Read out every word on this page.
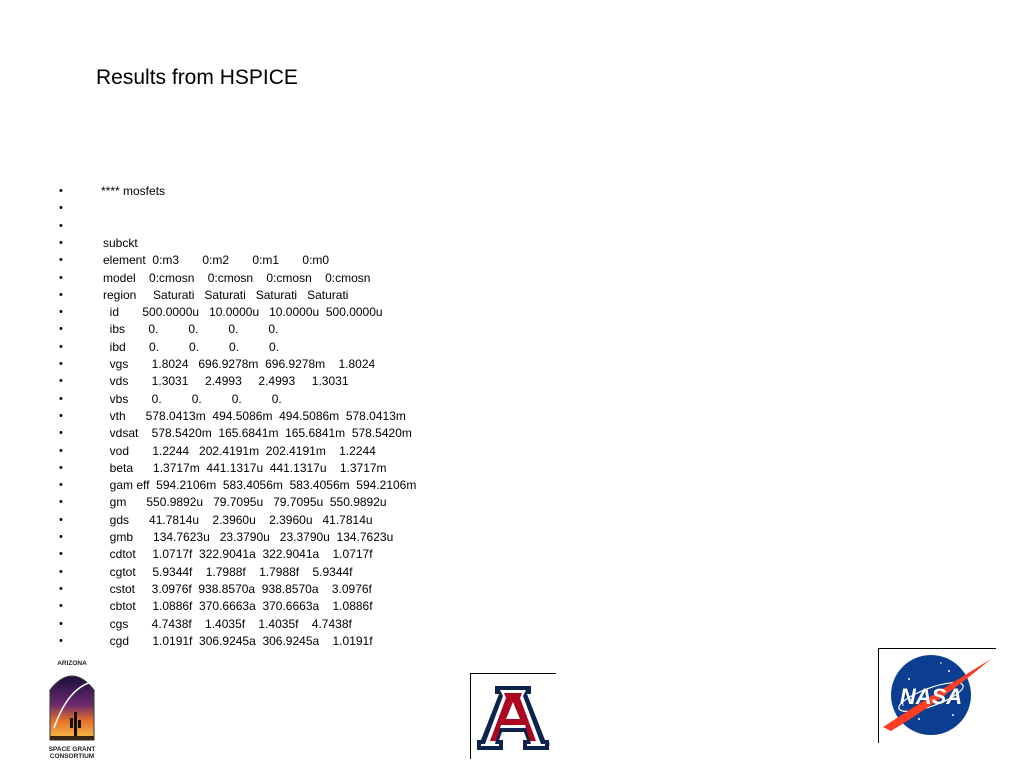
Results from HSPICE
•	**** mosfets
•
•
•	subckt
•	element  0:m3       0:m2       0:m1       0:m0
•	model    0:cmosn    0:cmosn    0:cmosn    0:cmosn
•	region     Saturati   Saturati   Saturati   Saturati
•	id       500.0000u   10.0000u   10.0000u  500.0000u
•	ibs       0.         0.         0.         0.
•	ibd       0.         0.         0.         0.
•	vgs       1.8024   696.9278m  696.9278m    1.8024
•	vds       1.3031     2.4993     2.4993     1.3031
•	vbs       0.         0.         0.         0.
•	vth      578.0413m  494.5086m  494.5086m  578.0413m
•	vdsat    578.5420m  165.6841m  165.6841m  578.5420m
•	vod       1.2244   202.4191m  202.4191m    1.2244
•	beta      1.3717m  441.1317u  441.1317u    1.3717m
•	gam eff  594.2106m  583.4056m  583.4056m  594.2106m
•	gm      550.9892u   79.7095u   79.7095u  550.9892u
•	gds      41.7814u    2.3960u    2.3960u   41.7814u
•	gmb      134.7623u   23.3790u   23.3790u  134.7623u
•	cdtot     1.0717f  322.9041a  322.9041a    1.0717f
•	cgtot     5.9344f    1.7988f    1.7988f    5.9344f
•	cstot     3.0976f  938.8570a  938.8570a    3.0976f
•	cbtot     1.0886f  370.6663a  370.6663a    1.0886f
•	cgs       4.7438f    1.4035f    1.4035f    4.7438f
•	cgd       1.0191f  306.9245a  306.9245a    1.0191f
ARIZONA
SPACE GRANT
CONSORTIUM
®
NASA
